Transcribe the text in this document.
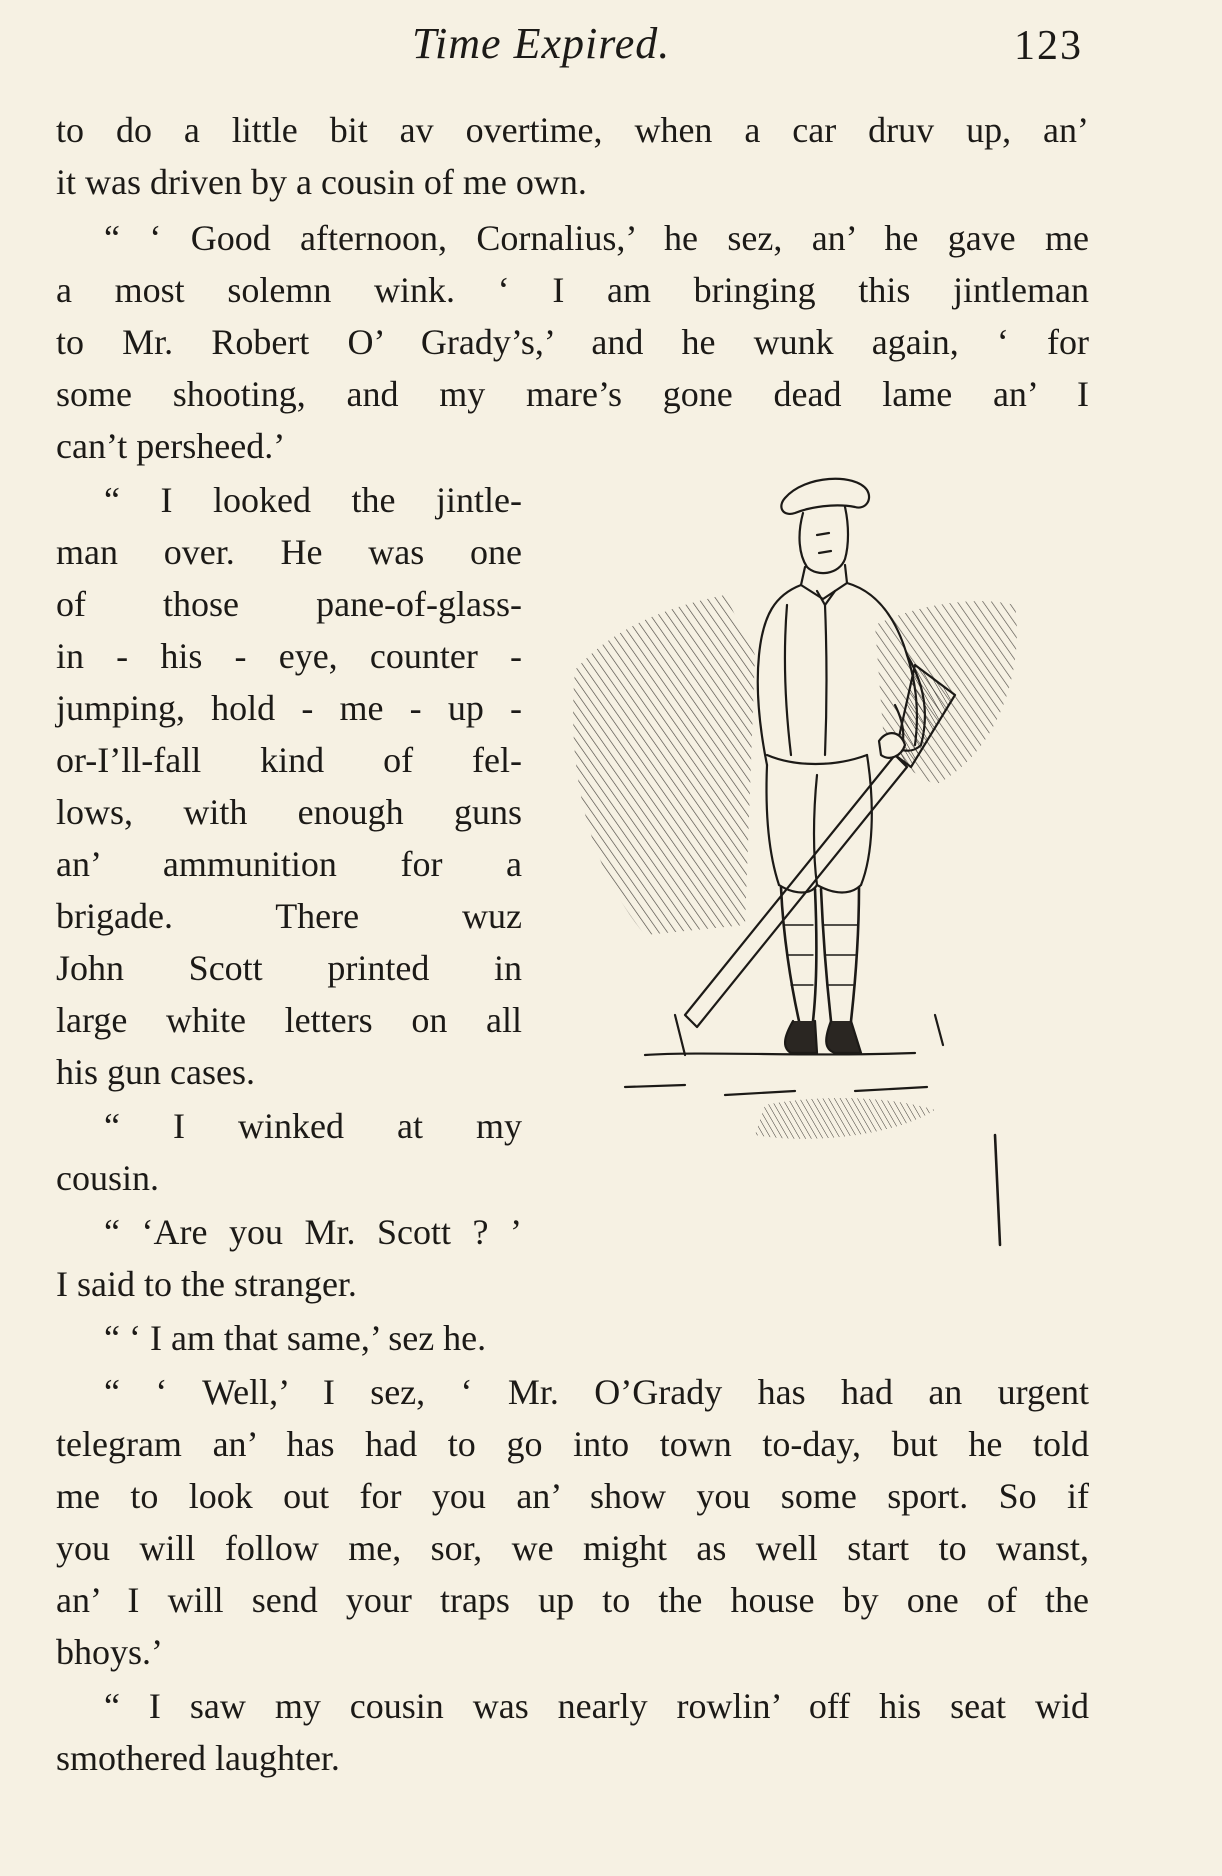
Time Expired.	123
to do a little bit av overtime, when a car druv up, an’
it was driven by a cousin of me own.
“ ‘ Good afternoon, Cornalius,’ he sez, an’ he gave me
a most solemn wink. ‘ I am bringing this jintleman
to Mr. Robert O’ Grady’s,’ and he wunk again, ‘ for
some shooting, and my mare’s gone dead lame an’ I
can’t persheed.’
“ I looked the jintle-
man over. He was one
of those pane-of-glass-
in - his - eye, counter -
jumping, hold - me - up -
or-I’ll-fall kind of fel-
lows, with enough guns
an’ ammunition for a
brigade. There wuz
John Scott printed in
large white letters on all
his gun cases.
“ I winked at my
cousin.
“ ‘Are you Mr. Scott ? ’
I said to the stranger.
“ ‘ I am that same,’ sez he.
“ ‘ Well,’ I sez, ‘ Mr. O’Grady has had an urgent
telegram an’ has had to go into town to-day, but he told
me to look out for you an’ show you some sport. So if
you will follow me, sor, we might as well start to wanst,
an’ I will send your traps up to the house by one of the
bhoys.’
“ I saw my cousin was nearly rowlin’ off his seat wid
smothered laughter.
